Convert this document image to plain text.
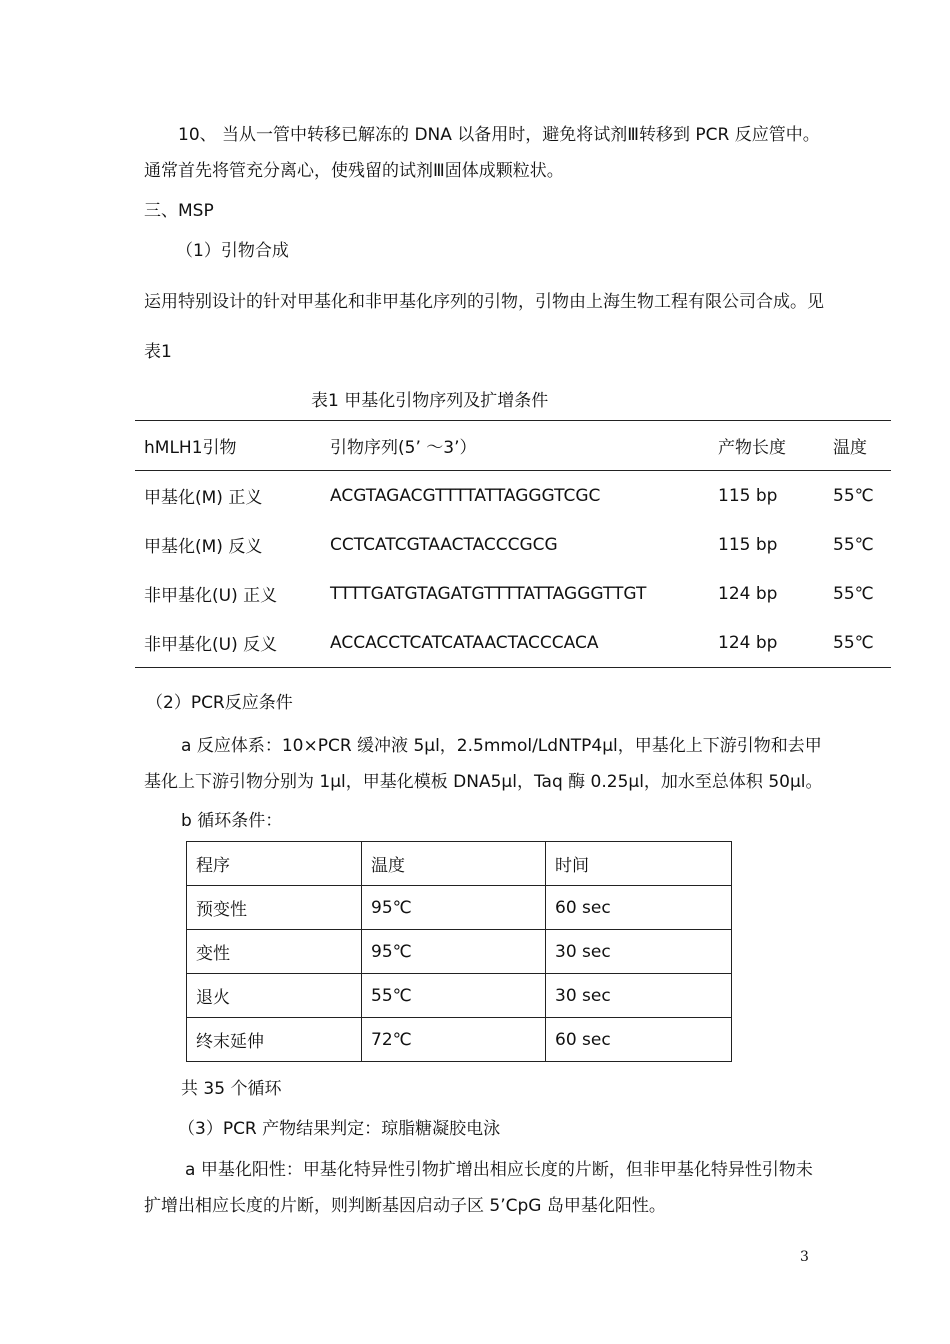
10、 当从一管中转移已解冻的 DNA 以备用时，避免将试剂Ⅲ转移到 PCR 反应管中。
通常首先将管充分离心，使残留的试剂Ⅲ固体成颗粒状。
三、MSP
（1）引物合成
运用特别设计的针对甲基化和非甲基化序列的引物，引物由上海生物工程有限公司合成。见
表1
表1 甲基化引物序列及扩增条件
hMLH1引物	引物序列(5’ ～3’）	产物长度	温度
甲基化(M) 正义	ACGTAGACGTTTTATTAGGGTCGC	115 bp	55℃
甲基化(M) 反义	CCTCATCGTAACTACCCGCG	115 bp	55℃
非甲基化(U) 正义	TTTTGATGTAGATGTTTTATTAGGGTTGT	124 bp	55℃
非甲基化(U) 反义	ACCACCTCATCATAACTACCCACA	124 bp	55℃
（2）PCR反应条件
a 反应体系：10×PCR 缓冲液 5μl，2.5mmol/LdNTP4μl，甲基化上下游引物和去甲
基化上下游引物分别为 1μl，甲基化模板 DNA5μl，Taq 酶 0.25μl，加水至总体积 50μl。
b 循环条件：
程序	温度	时间
预变性	95℃	60 sec
变性	95℃	30 sec
退火	55℃	30 sec
终末延伸	72℃	60 sec
共 35 个循环
（3）PCR 产物结果判定：琼脂糖凝胶电泳
a 甲基化阳性：甲基化特异性引物扩增出相应长度的片断，但非甲基化特异性引物未
扩增出相应长度的片断，则判断基因启动子区 5’CpG 岛甲基化阳性。
3
